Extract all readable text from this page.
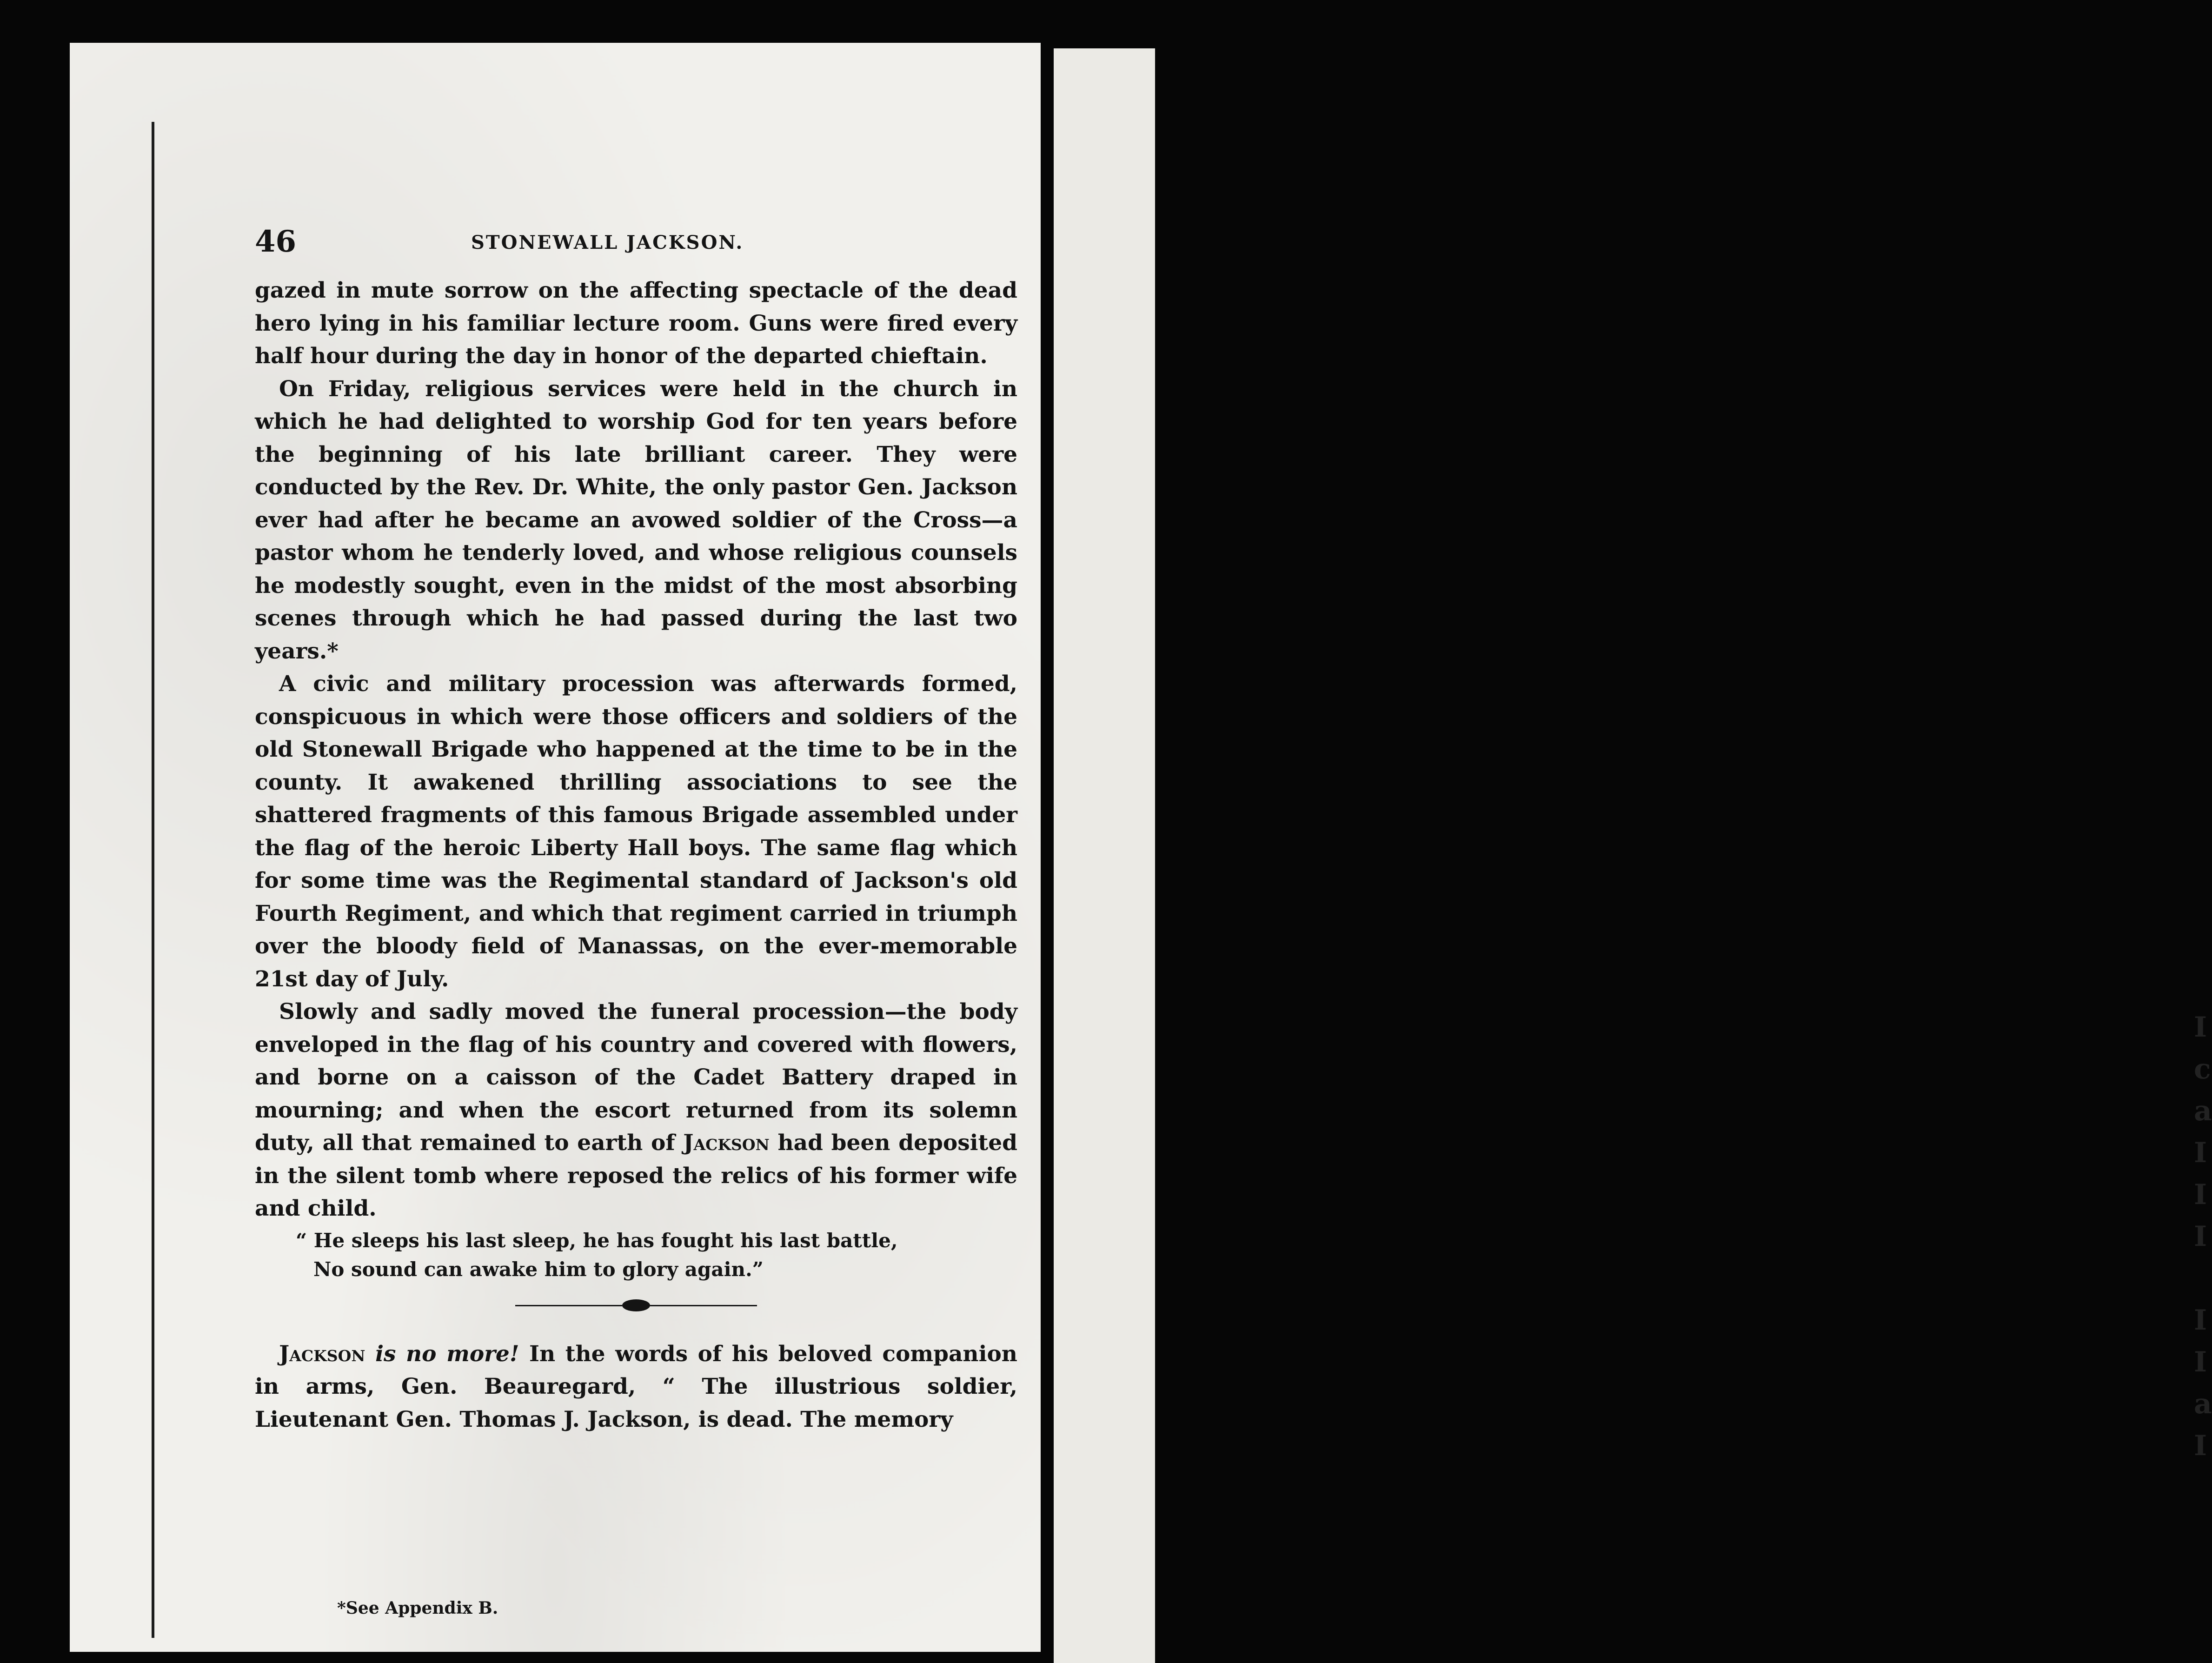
I
c
a
I
I
I

I
I
a
I
46	STONEWALL JACKSON.

gazed in mute sorrow on the affecting spectacle of the dead hero lying in his familiar lecture room. Guns were fired every half hour during the day in honor of the departed chieftain.

On Friday, religious services were held in the church in which he had delighted to worship God for ten years before the beginning of his late brilliant career. They were conducted by the Rev. Dr. White, the only pastor Gen. Jackson ever had after he became an avowed soldier of the Cross—a pastor whom he tenderly loved, and whose religious counsels he modestly sought, even in the midst of the most absorbing scenes through which he had passed during the last two years.*

A civic and military procession was afterwards formed, conspicuous in which were those officers and soldiers of the old Stonewall Brigade who happened at the time to be in the county. It awakened thrilling associations to see the shattered fragments of this famous Brigade assembled under the flag of the heroic Liberty Hall boys. The same flag which for some time was the Regimental standard of Jackson's old Fourth Regiment, and which that regiment carried in triumph over the bloody field of Manassas, on the ever-memorable 21st day of July.

Slowly and sadly moved the funeral procession—the body enveloped in the flag of his country and covered with flowers, and borne on a caisson of the Cadet Battery draped in mourning; and when the escort returned from its solemn duty, all that remained to earth of Jackson had been deposited in the silent tomb where reposed the relics of his former wife and child.

“ He sleeps his last sleep, he has fought his last battle,
No sound can awake him to glory again.”

Jackson is no more! In the words of his beloved companion in arms, Gen. Beauregard, “ The illustrious soldier, Lieutenant Gen. Thomas J. Jackson, is dead. The memory

*See Appendix B.
